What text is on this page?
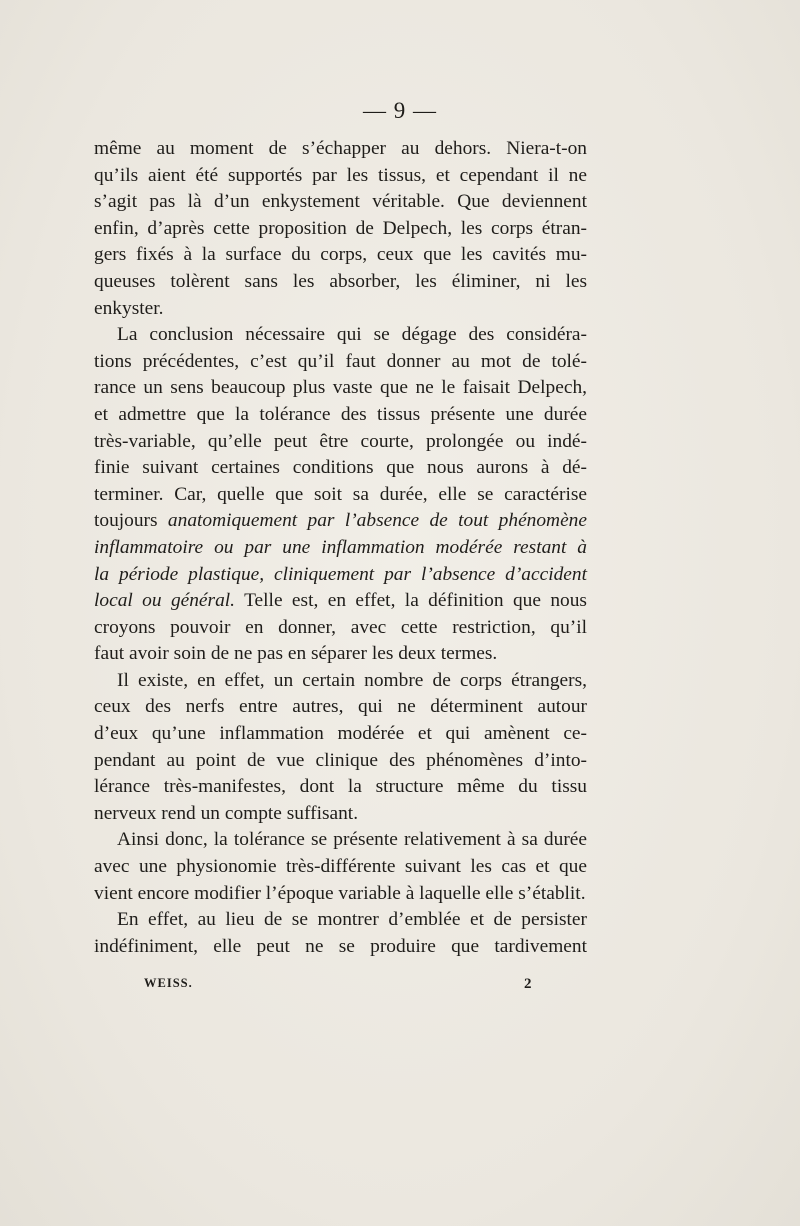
— 9 —
même au moment de s’échapper au dehors. Niera-t-on
qu’ils aient été supportés par les tissus, et cependant il ne
s’agit pas là d’un enkystement véritable. Que deviennent
enfin, d’après cette proposition de Delpech, les corps étran-
gers fixés à la surface du corps, ceux que les cavités mu-
queuses tolèrent sans les absorber, les éliminer, ni les
enkyster.
La conclusion nécessaire qui se dégage des considéra-
tions précédentes, c’est qu’il faut donner au mot de tolé-
rance un sens beaucoup plus vaste que ne le faisait Delpech,
et admettre que la tolérance des tissus présente une durée
très-variable, qu’elle peut être courte, prolongée ou indé-
finie suivant certaines conditions que nous aurons à dé-
terminer. Car, quelle que soit sa durée, elle se caractérise
toujours anatomiquement par l’absence de tout phénomène
inflammatoire ou par une inflammation modérée restant à
la période plastique, cliniquement par l’absence d’accident
local ou général. Telle est, en effet, la définition que nous
croyons pouvoir en donner, avec cette restriction, qu’il
faut avoir soin de ne pas en séparer les deux termes.
Il existe, en effet, un certain nombre de corps étrangers,
ceux des nerfs entre autres, qui ne déterminent autour
d’eux qu’une inflammation modérée et qui amènent ce-
pendant au point de vue clinique des phénomènes d’into-
lérance très-manifestes, dont la structure même du tissu
nerveux rend un compte suffisant.
Ainsi donc, la tolérance se présente relativement à sa durée
avec une physionomie très-différente suivant les cas et que
vient encore modifier l’époque variable à laquelle elle s’établit.
En effet, au lieu de se montrer d’emblée et de persister
indéfiniment, elle peut ne se produire que tardivement
WEISS.	2
